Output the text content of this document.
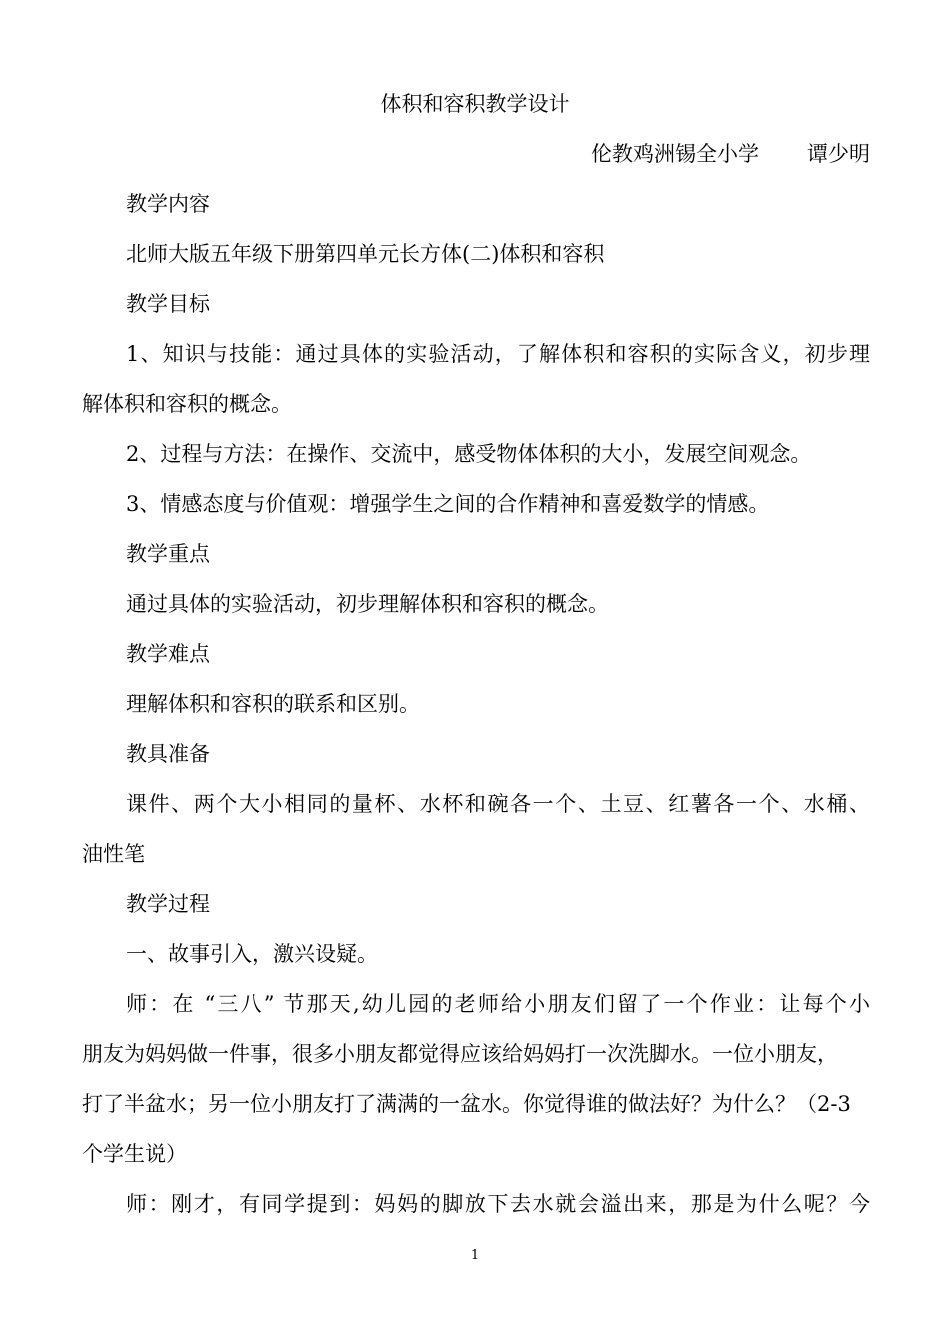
体积和容积教学设计
伦教鸡洲锡全小学 谭少明
教学内容
北师大版五年级下册第四单元长方体(二)体积和容积
教学目标
1、知识与技能：通过具体的实验活动，了解体积和容积的实际含义，初步理
解体积和容积的概念。
2、过程与方法：在操作、交流中，感受物体体积的大小，发展空间观念。
3、情感态度与价值观：增强学生之间的合作精神和喜爱数学的情感。
教学重点
通过具体的实验活动，初步理解体积和容积的概念。
教学难点
理解体积和容积的联系和区别。
教具准备
课件、两个大小相同的量杯、水杯和碗各一个、土豆、红薯各一个、水桶、
油性笔
教学过程
一、故事引入，激兴设疑。
师：在 “三八” 节那天,幼儿园的老师给小朋友们留了一个作业：让每个小
朋友为妈妈做一件事，很多小朋友都觉得应该给妈妈打一次洗脚水。一位小朋友，
打了半盆水；另一位小朋友打了满满的一盆水。你觉得谁的做法好？为什么？（2-3
个学生说）
师：刚才，有同学提到：妈妈的脚放下去水就会溢出来，那是为什么呢？今
1
